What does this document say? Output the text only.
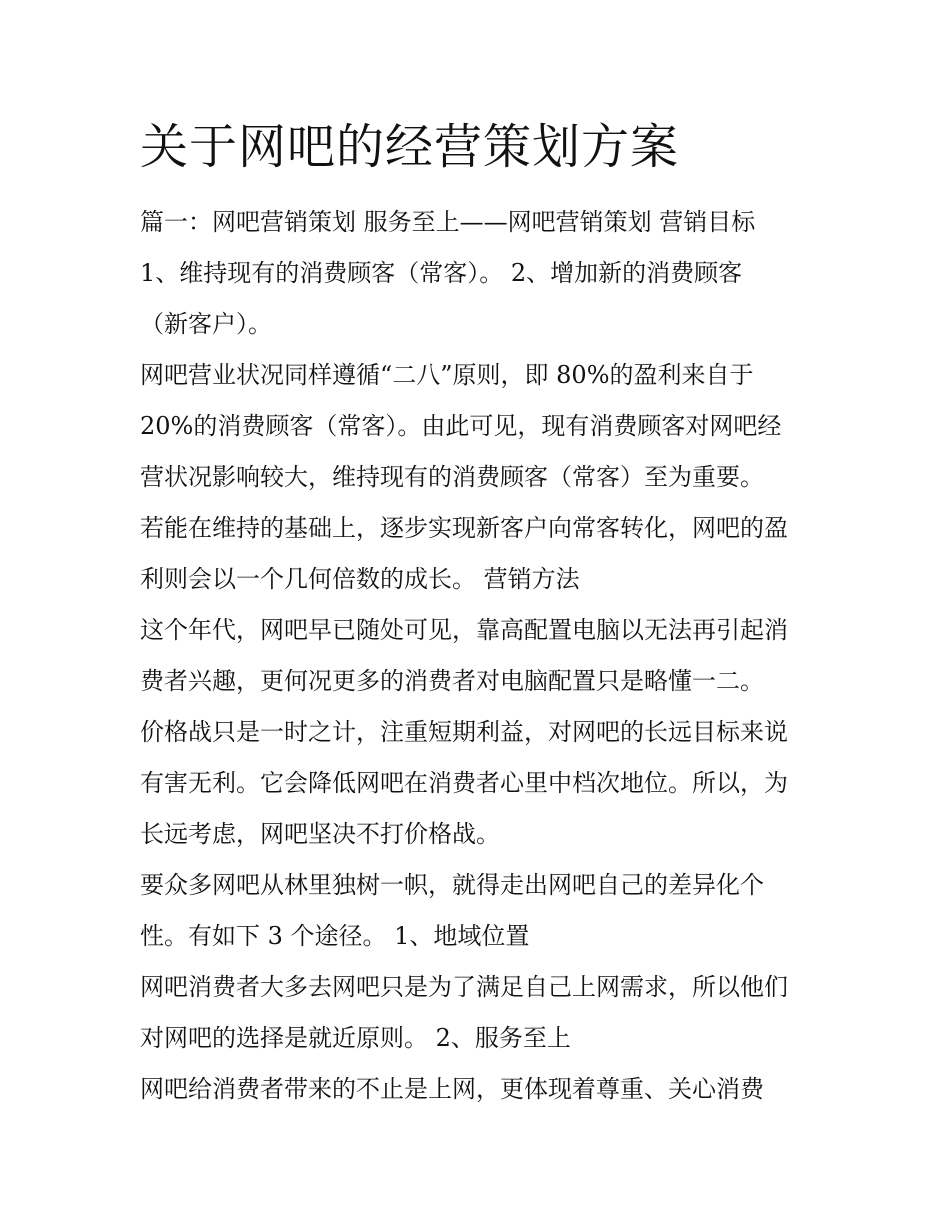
关于网吧的经营策划方案
篇一：网吧营销策划 服务至上——网吧营销策划 营销目标
1、维持现有的消费顾客（常客）。 2、增加新的消费顾客
（新客户）。
网吧营业状况同样遵循“二八”原则，即 80%的盈利来自于
20%的消费顾客（常客）。由此可见，现有消费顾客对网吧经
营状况影响较大，维持现有的消费顾客（常客）至为重要。
若能在维持的基础上，逐步实现新客户向常客转化，网吧的盈
利则会以一个几何倍数的成长。 营销方法
这个年代，网吧早已随处可见，靠高配置电脑以无法再引起消
费者兴趣，更何况更多的消费者对电脑配置只是略懂一二。
价格战只是一时之计，注重短期利益，对网吧的长远目标来说
有害无利。它会降低网吧在消费者心里中档次地位。所以，为
长远考虑，网吧坚决不打价格战。
要众多网吧从林里独树一帜，就得走出网吧自己的差异化个
性。有如下 3 个途径。 1、地域位置
网吧消费者大多去网吧只是为了满足自己上网需求，所以他们
对网吧的选择是就近原则。 2、服务至上
网吧给消费者带来的不止是上网，更体现着尊重、关心消费
